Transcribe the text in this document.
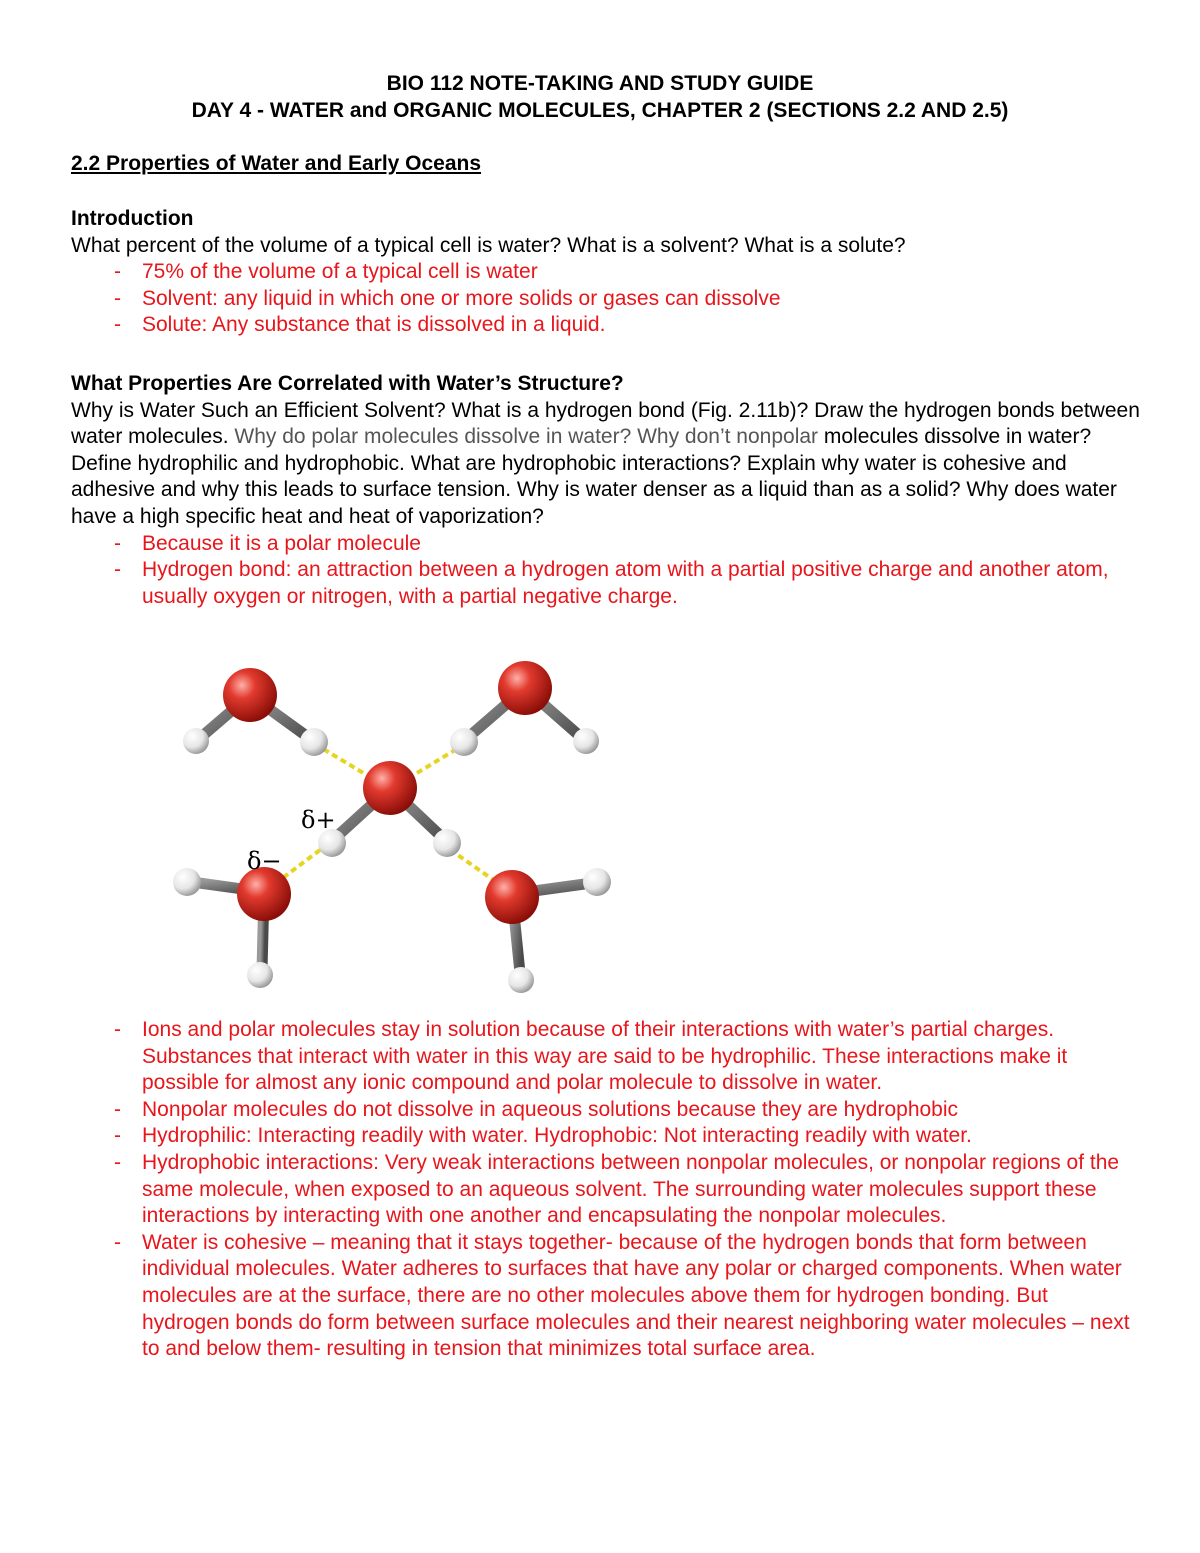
BIO 112 NOTE-TAKING AND STUDY GUIDE
DAY 4 - WATER and ORGANIC MOLECULES, CHAPTER 2 (SECTIONS 2.2 AND 2.5)
2.2 Properties of Water and Early Oceans
Introduction
What percent of the volume of a typical cell is water? What is a solvent? What is a solute?
- 75% of the volume of a typical cell is water
- Solvent: any liquid in which one or more solids or gases can dissolve
- Solute: Any substance that is dissolved in a liquid.
What Properties Are Correlated with Water’s Structure?
Why is Water Such an Efficient Solvent? What is a hydrogen bond (Fig. 2.11b)? Draw the hydrogen bonds between water molecules. Why do polar molecules dissolve in water? Why don’t nonpolar molecules dissolve in water? Define hydrophilic and hydrophobic. What are hydrophobic interactions? Explain why water is cohesive and adhesive and why this leads to surface tension. Why is water denser as a liquid than as a solid? Why does water have a high specific heat and heat of vaporization?
- Because it is a polar molecule
- Hydrogen bond: an attraction between a hydrogen atom with a partial positive charge and another atom, usually oxygen or nitrogen, with a partial negative charge.
δ+
δ−
- Ions and polar molecules stay in solution because of their interactions with water’s partial charges. Substances that interact with water in this way are said to be hydrophilic. These interactions make it possible for almost any ionic compound and polar molecule to dissolve in water.
- Nonpolar molecules do not dissolve in aqueous solutions because they are hydrophobic
- Hydrophilic: Interacting readily with water. Hydrophobic: Not interacting readily with water.
- Hydrophobic interactions: Very weak interactions between nonpolar molecules, or nonpolar regions of the same molecule, when exposed to an aqueous solvent. The surrounding water molecules support these interactions by interacting with one another and encapsulating the nonpolar molecules.
- Water is cohesive – meaning that it stays together- because of the hydrogen bonds that form between individual molecules. Water adheres to surfaces that have any polar or charged components. When water molecules are at the surface, there are no other molecules above them for hydrogen bonding. But hydrogen bonds do form between surface molecules and their nearest neighboring water molecules – next to and below them- resulting in tension that minimizes total surface area.
